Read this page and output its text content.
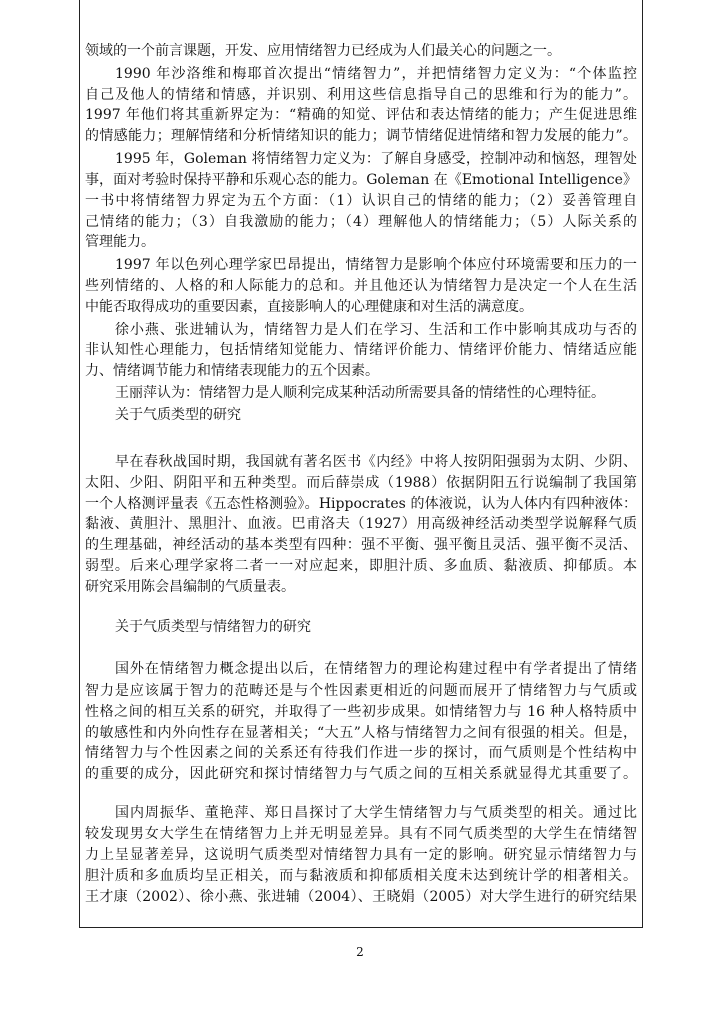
领域的一个前言课题，开发、应用情绪智力已经成为人们最关心的问题之一。
1990 年沙洛维和梅耶首次提出“情绪智力”，并把情绪智力定义为：“个体监控
自己及他人的情绪和情感，并识别、利用这些信息指导自己的思维和行为的能力”。
1997 年他们将其重新界定为：“精确的知觉、评估和表达情绪的能力；产生促进思维
的情感能力；理解情绪和分析情绪知识的能力；调节情绪促进情绪和智力发展的能力”。
1995 年，Goleman 将情绪智力定义为：了解自身感受，控制冲动和恼怒，理智处
事，面对考验时保持平静和乐观心态的能力。Goleman 在《Emotional Intelligence》
一书中将情绪智力界定为五个方面：（1）认识自己的情绪的能力；（2）妥善管理自
己情绪的能力；（3）自我激励的能力；（4）理解他人的情绪能力；（5）人际关系的
管理能力。
1997 年以色列心理学家巴昂提出，情绪智力是影响个体应付环境需要和压力的一
些列情绪的、人格的和人际能力的总和。并且他还认为情绪智力是决定一个人在生活
中能否取得成功的重要因素，直接影响人的心理健康和对生活的满意度。
徐小燕、张进辅认为，情绪智力是人们在学习、生活和工作中影响其成功与否的
非认知性心理能力，包括情绪知觉能力、情绪评价能力、情绪评价能力、情绪适应能
力、情绪调节能力和情绪表现能力的五个因素。
王丽萍认为：情绪智力是人顺利完成某种活动所需要具备的情绪性的心理特征。
关于气质类型的研究
早在春秋战国时期，我国就有著名医书《内经》中将人按阴阳强弱为太阴、少阴、
太阳、少阳、阴阳平和五种类型。而后薛崇成（1988）依据阴阳五行说编制了我国第
一个人格测评量表《五态性格测验》。Hippocrates 的体液说，认为人体内有四种液体：
黏液、黄胆汁、黑胆汁、血液。巴甫洛夫（1927）用高级神经活动类型学说解释气质
的生理基础，神经活动的基本类型有四种：强不平衡、强平衡且灵活、强平衡不灵活、
弱型。后来心理学家将二者一一对应起来，即胆汁质、多血质、黏液质、抑郁质。本
研究采用陈会昌编制的气质量表。
关于气质类型与情绪智力的研究
国外在情绪智力概念提出以后，在情绪智力的理论构建过程中有学者提出了情绪
智力是应该属于智力的范畴还是与个性因素更相近的问题而展开了情绪智力与气质或
性格之间的相互关系的研究，并取得了一些初步成果。如情绪智力与 16 种人格特质中
的敏感性和内外向性存在显著相关；“大五”人格与情绪智力之间有很强的相关。但是，
情绪智力与个性因素之间的关系还有待我们作进一步的探讨，而气质则是个性结构中
的重要的成分，因此研究和探讨情绪智力与气质之间的互相关系就显得尤其重要了。
国内周振华、董艳萍、郑日昌探讨了大学生情绪智力与气质类型的相关。通过比
较发现男女大学生在情绪智力上并无明显差异。具有不同气质类型的大学生在情绪智
力上呈显著差异，这说明气质类型对情绪智力具有一定的影响。研究显示情绪智力与
胆汁质和多血质均呈正相关，而与黏液质和抑郁质相关度未达到统计学的相著相关。
王才康（2002）、徐小燕、张进辅（2004）、王晓娟（2005）对大学生进行的研究结果
2
